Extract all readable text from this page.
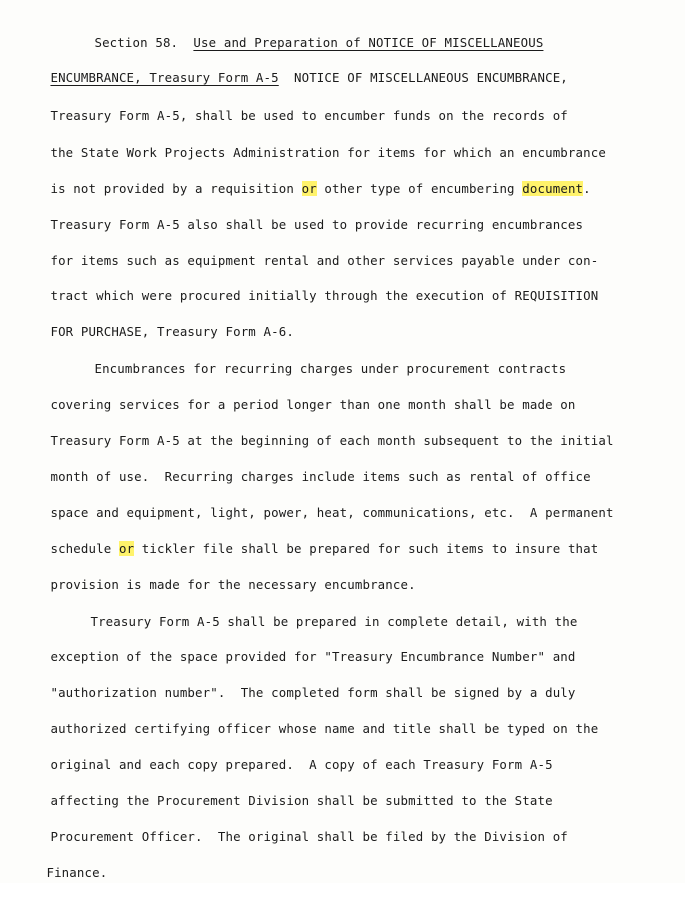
Section 58.  Use and Preparation of NOTICE OF MISCELLANEOUS

ENCUMBRANCE, Treasury Form A-5  NOTICE OF MISCELLANEOUS ENCUMBRANCE,

Treasury Form A-5, shall be used to encumber funds on the records of

the State Work Projects Administration for items for which an encumbrance

is not provided by a requisition or other type of encumbering document.

Treasury Form A-5 also shall be used to provide recurring encumbrances

for items such as equipment rental and other services payable under con-

tract which were procured initially through the execution of REQUISITION

FOR PURCHASE, Treasury Form A-6.

Encumbrances for recurring charges under procurement contracts

covering services for a period longer than one month shall be made on

Treasury Form A-5 at the beginning of each month subsequent to the initial

month of use.  Recurring charges include items such as rental of office

space and equipment, light, power, heat, communications, etc.  A permanent

schedule or tickler file shall be prepared for such items to insure that

provision is made for the necessary encumbrance.

Treasury Form A-5 shall be prepared in complete detail, with the

exception of the space provided for "Treasury Encumbrance Number" and

"authorization number".  The completed form shall be signed by a duly

authorized certifying officer whose name and title shall be typed on the

original and each copy prepared.  A copy of each Treasury Form A-5

affecting the Procurement Division shall be submitted to the State

Procurement Officer.  The original shall be filed by the Division of

Finance.
